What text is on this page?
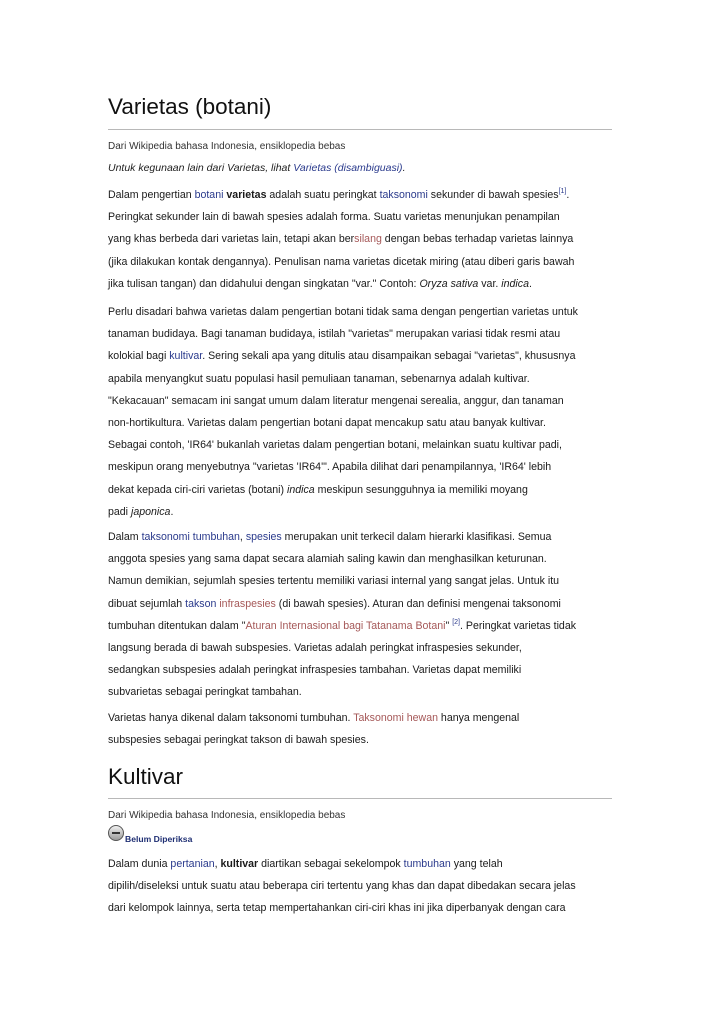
Varietas (botani)
Dari Wikipedia bahasa Indonesia, ensiklopedia bebas
Untuk kegunaan lain dari Varietas, lihat Varietas (disambiguasi).
Dalam pengertian botani varietas adalah suatu peringkat taksonomi sekunder di bawah spesies[1].
Peringkat sekunder lain di bawah spesies adalah forma. Suatu varietas menunjukan penampilan
yang khas berbeda dari varietas lain, tetapi akan bersilang dengan bebas terhadap varietas lainnya
(jika dilakukan kontak dengannya). Penulisan nama varietas dicetak miring (atau diberi garis bawah
jika tulisan tangan) dan didahului dengan singkatan "var." Contoh: Oryza sativa var. indica.
Perlu disadari bahwa varietas dalam pengertian botani tidak sama dengan pengertian varietas untuk
tanaman budidaya. Bagi tanaman budidaya, istilah "varietas" merupakan variasi tidak resmi atau
kolokial bagi kultivar. Sering sekali apa yang ditulis atau disampaikan sebagai "varietas", khususnya
apabila menyangkut suatu populasi hasil pemuliaan tanaman, sebenarnya adalah kultivar.
"Kekacauan" semacam ini sangat umum dalam literatur mengenai serealia, anggur, dan tanaman
non-hortikultura. Varietas dalam pengertian botani dapat mencakup satu atau banyak kultivar.
Sebagai contoh, 'IR64' bukanlah varietas dalam pengertian botani, melainkan suatu kultivar padi,
meskipun orang menyebutnya "varietas 'IR64'". Apabila dilihat dari penampilannya, 'IR64' lebih
dekat kepada ciri-ciri varietas (botani) indica meskipun sesungguhnya ia memiliki moyang
padi japonica.
Dalam taksonomi tumbuhan, spesies merupakan unit terkecil dalam hierarki klasifikasi. Semua
anggota spesies yang sama dapat secara alamiah saling kawin dan menghasilkan keturunan.
Namun demikian, sejumlah spesies tertentu memiliki variasi internal yang sangat jelas. Untuk itu
dibuat sejumlah takson infraspesies (di bawah spesies). Aturan dan definisi mengenai taksonomi
tumbuhan ditentukan dalam "Aturan Internasional bagi Tatanama Botani" [2]. Peringkat varietas tidak
langsung berada di bawah subspesies. Varietas adalah peringkat infraspesies sekunder,
sedangkan subspesies adalah peringkat infraspesies tambahan. Varietas dapat memiliki
subvarietas sebagai peringkat tambahan.
Varietas hanya dikenal dalam taksonomi tumbuhan. Taksonomi hewan hanya mengenal
subspesies sebagai peringkat takson di bawah spesies.
Kultivar
Dari Wikipedia bahasa Indonesia, ensiklopedia bebas
Belum Diperiksa
Dalam dunia pertanian, kultivar diartikan sebagai sekelompok tumbuhan yang telah
dipilih/diseleksi untuk suatu atau beberapa ciri tertentu yang khas dan dapat dibedakan secara jelas
dari kelompok lainnya, serta tetap mempertahankan ciri-ciri khas ini jika diperbanyak dengan cara
